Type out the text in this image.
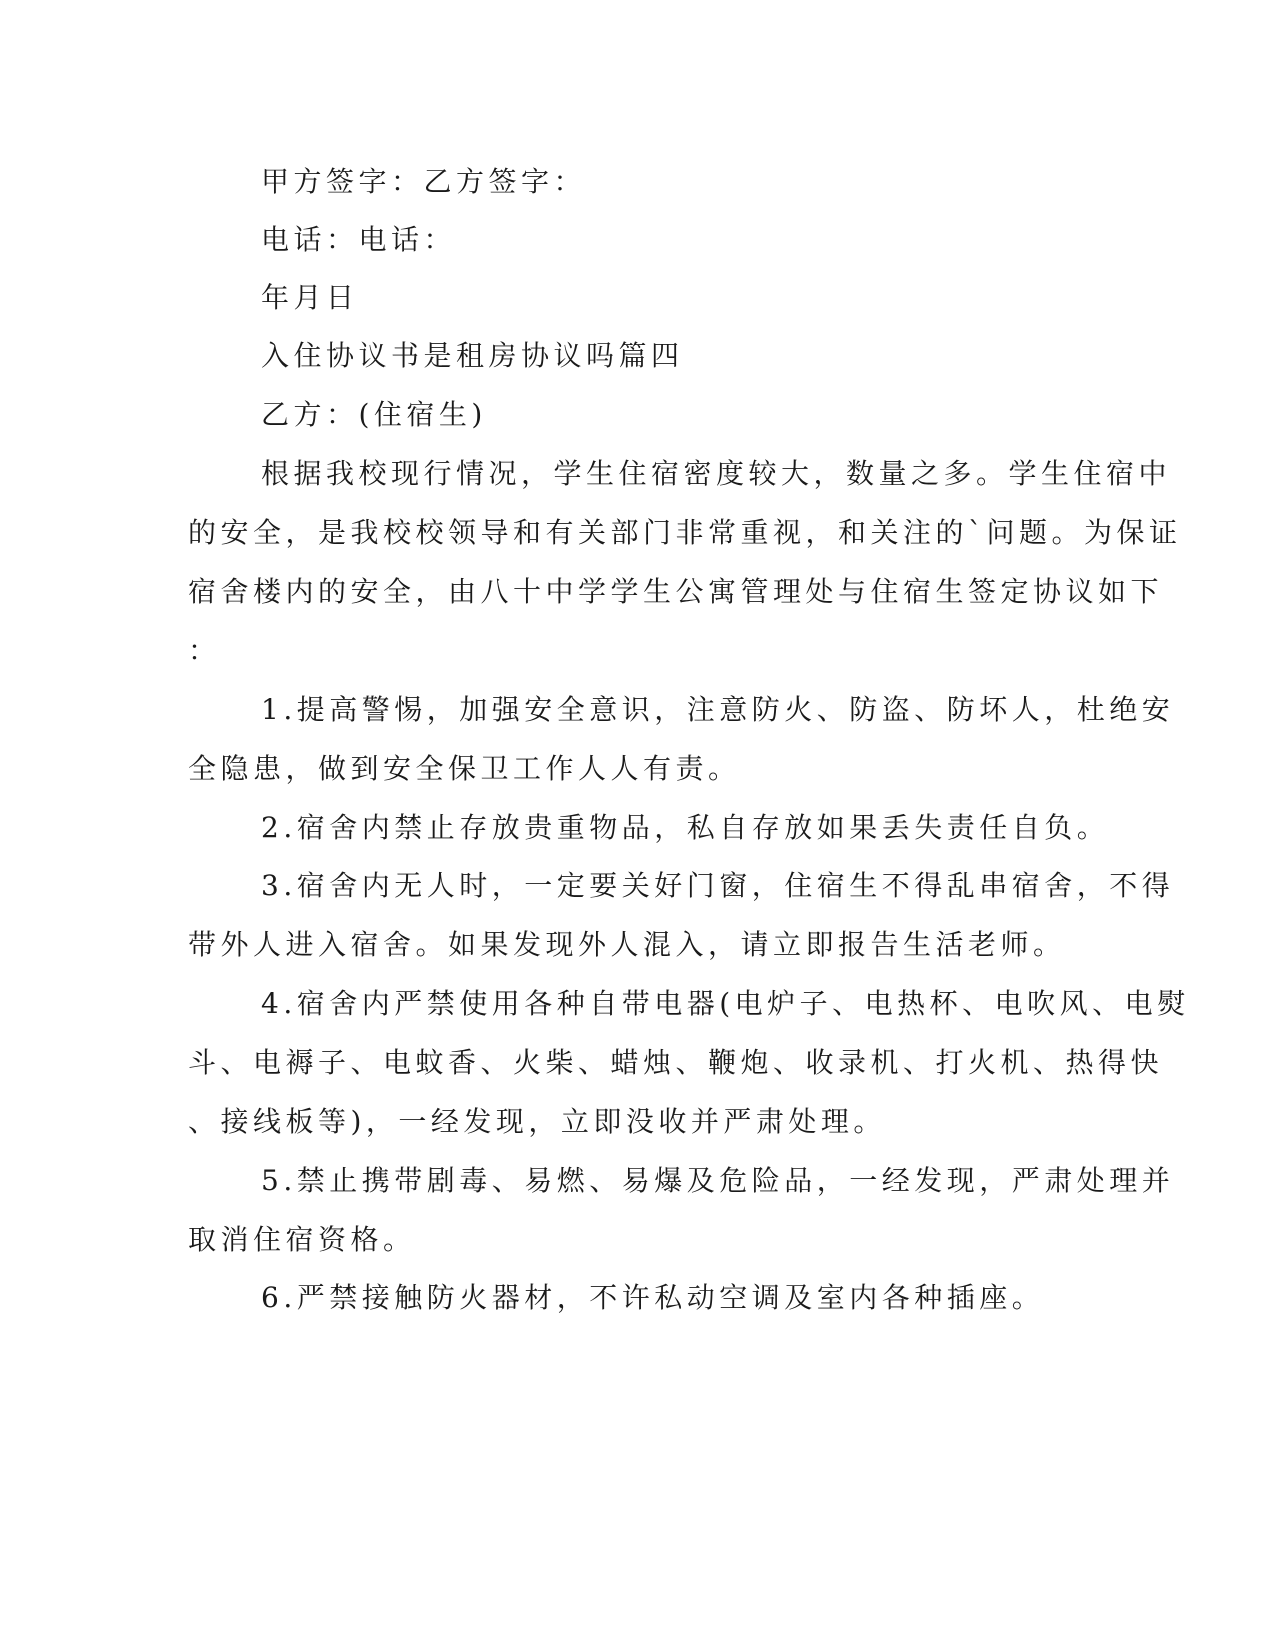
甲方签字：乙方签字：
电话：电话：
年月日
入住协议书是租房协议吗篇四
乙方：(住宿生)
根据我校现行情况，学生住宿密度较大，数量之多。学生住宿中
的安全，是我校校领导和有关部门非常重视，和关注的`问题。为保证
宿舍楼内的安全，由八十中学学生公寓管理处与住宿生签定协议如下
：
1.提高警惕，加强安全意识，注意防火、防盗、防坏人，杜绝安
全隐患，做到安全保卫工作人人有责。
2.宿舍内禁止存放贵重物品，私自存放如果丢失责任自负。
3.宿舍内无人时，一定要关好门窗，住宿生不得乱串宿舍，不得
带外人进入宿舍。如果发现外人混入，请立即报告生活老师。
4.宿舍内严禁使用各种自带电器(电炉子、电热杯、电吹风、电熨
斗、电褥子、电蚊香、火柴、蜡烛、鞭炮、收录机、打火机、热得快
、接线板等)，一经发现，立即没收并严肃处理。
5.禁止携带剧毒、易燃、易爆及危险品，一经发现，严肃处理并
取消住宿资格。
6.严禁接触防火器材，不许私动空调及室内各种插座。
